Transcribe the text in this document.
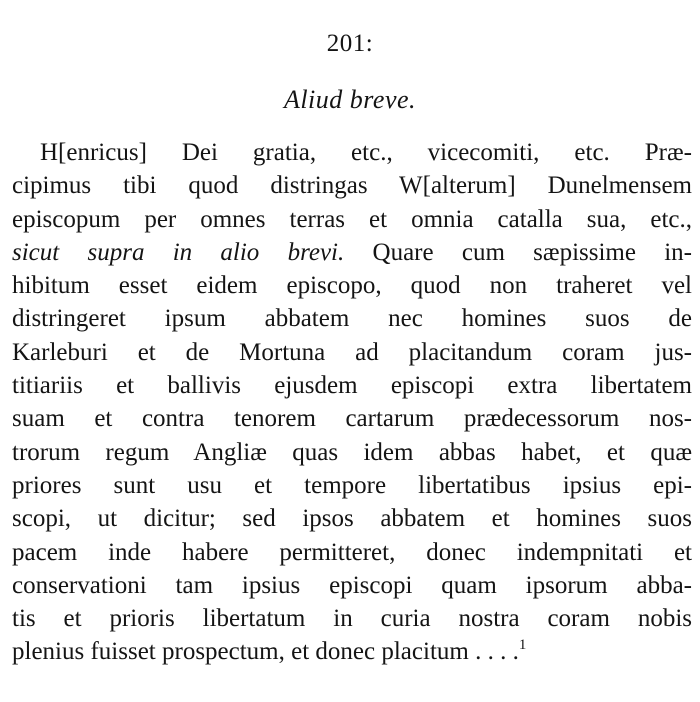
201:
Aliud breve.
H[enricus] Dei gratia, etc., vicecomiti, etc. Præ-
cipimus tibi quod distringas W[alterum] Dunelmensem
episcopum per omnes terras et omnia catalla sua, etc.,
sicut supra in alio brevi. Quare cum sæpissime in-
hibitum esset eidem episcopo, quod non traheret vel
distringeret ipsum abbatem nec homines suos de
Karleburi et de Mortuna ad placitandum coram jus-
titiariis et ballivis ejusdem episcopi extra libertatem
suam et contra tenorem cartarum prædecessorum nos-
trorum regum Angliæ quas idem abbas habet, et quæ
priores sunt usu et tempore libertatibus ipsius epi-
scopi, ut dicitur; sed ipsos abbatem et homines suos
pacem inde habere permitteret, donec indempnitati et
conservationi tam ipsius episcopi quam ipsorum abba-
tis et prioris libertatum in curia nostra coram nobis
plenius fuisset prospectum, et donec placitum . . . .$^1$
